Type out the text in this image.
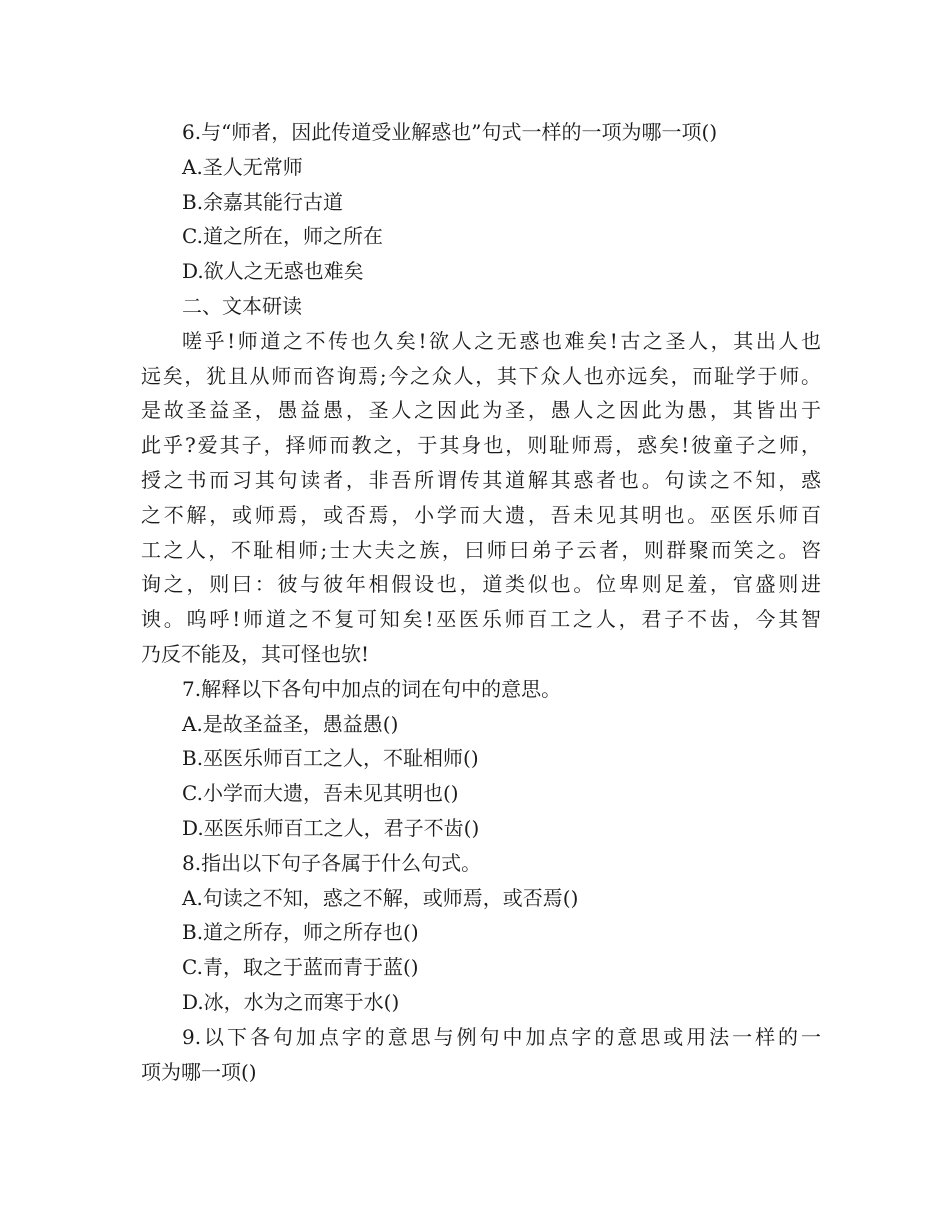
6.与“师者，因此传道受业解惑也”句式一样的一项为哪一项()

A.圣人无常师

B.余嘉其能行古道

C.道之所在，师之所在

D.欲人之无惑也难矣

二、文本研读

嗟乎!师道之不传也久矣!欲人之无惑也难矣!古之圣人，其出人也
远矣，犹且从师而咨询焉;今之众人，其下众人也亦远矣，而耻学于师。
是故圣益圣，愚益愚，圣人之因此为圣，愚人之因此为愚，其皆出于
此乎?爱其子，择师而教之，于其身也，则耻师焉，惑矣!彼童子之师，
授之书而习其句读者，非吾所谓传其道解其惑者也。句读之不知，惑
之不解，或师焉，或否焉，小学而大遗，吾未见其明也。巫医乐师百
工之人，不耻相师;士大夫之族，曰师曰弟子云者，则群聚而笑之。咨
询之，则曰：彼与彼年相假设也，道类似也。位卑则足羞，官盛则进
谀。呜呼!师道之不复可知矣!巫医乐师百工之人，君子不齿，今其智
乃反不能及，其可怪也欤!

7.解释以下各句中加点的词在句中的意思。

A.是故圣益圣，愚益愚()

B.巫医乐师百工之人，不耻相师()

C.小学而大遗，吾未见其明也()

D.巫医乐师百工之人，君子不齿()

8.指出以下句子各属于什么句式。

A.句读之不知，惑之不解，或师焉，或否焉()

B.道之所存，师之所存也()

C.青，取之于蓝而青于蓝()

D.冰，水为之而寒于水()

9.以下各句加点字的意思与例句中加点字的意思或用法一样的一
项为哪一项()
